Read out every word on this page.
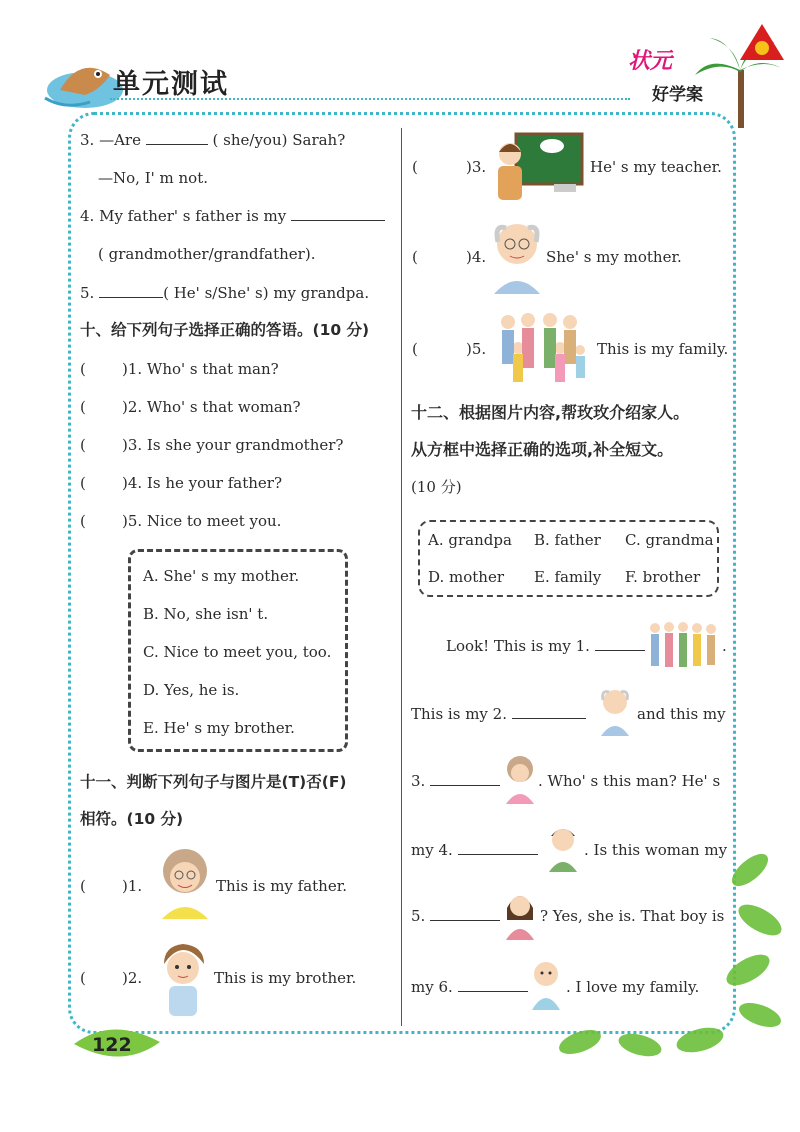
单元测试
状元
好学案
3. —Are	( she/you) Sarah?
—No, I' m not.
4. My father' s father is my
( grandmother/grandfather).
5.	( He' s/She' s) my grandpa.
十、给下列句子选择正确的答语。(10 分)
( )1. Who' s that man?
( )2. Who' s that woman?
( )3. Is she your grandmother?
( )4. Is he your father?
( )5. Nice to meet you.
A. She' s my mother.
B. No, she isn' t.
C. Nice to meet you, too.
D. Yes, he is.
E. He' s my brother.
十一、判断下列句子与图片是(T)否(F)
相符。(10 分)
( )1.	This is my father.
( )2.	This is my brother.
(	)3.	He' s my teacher.
(	)4.	She' s my mother.
(	)5.	This is my family.
十二、根据图片内容,帮玫玫介绍家人。
从方框中选择正确的选项,补全短文。
(10 分)
A. grandpa B. father C. grandma
D. mother E. family F. brother
Look! This is my 1.	.
This is my 2.	and this my
3.	. Who' s this man? He' s
my 4.	. Is this woman my
5.	? Yes, she is. That boy is
my 6.	. I love my family.
122
